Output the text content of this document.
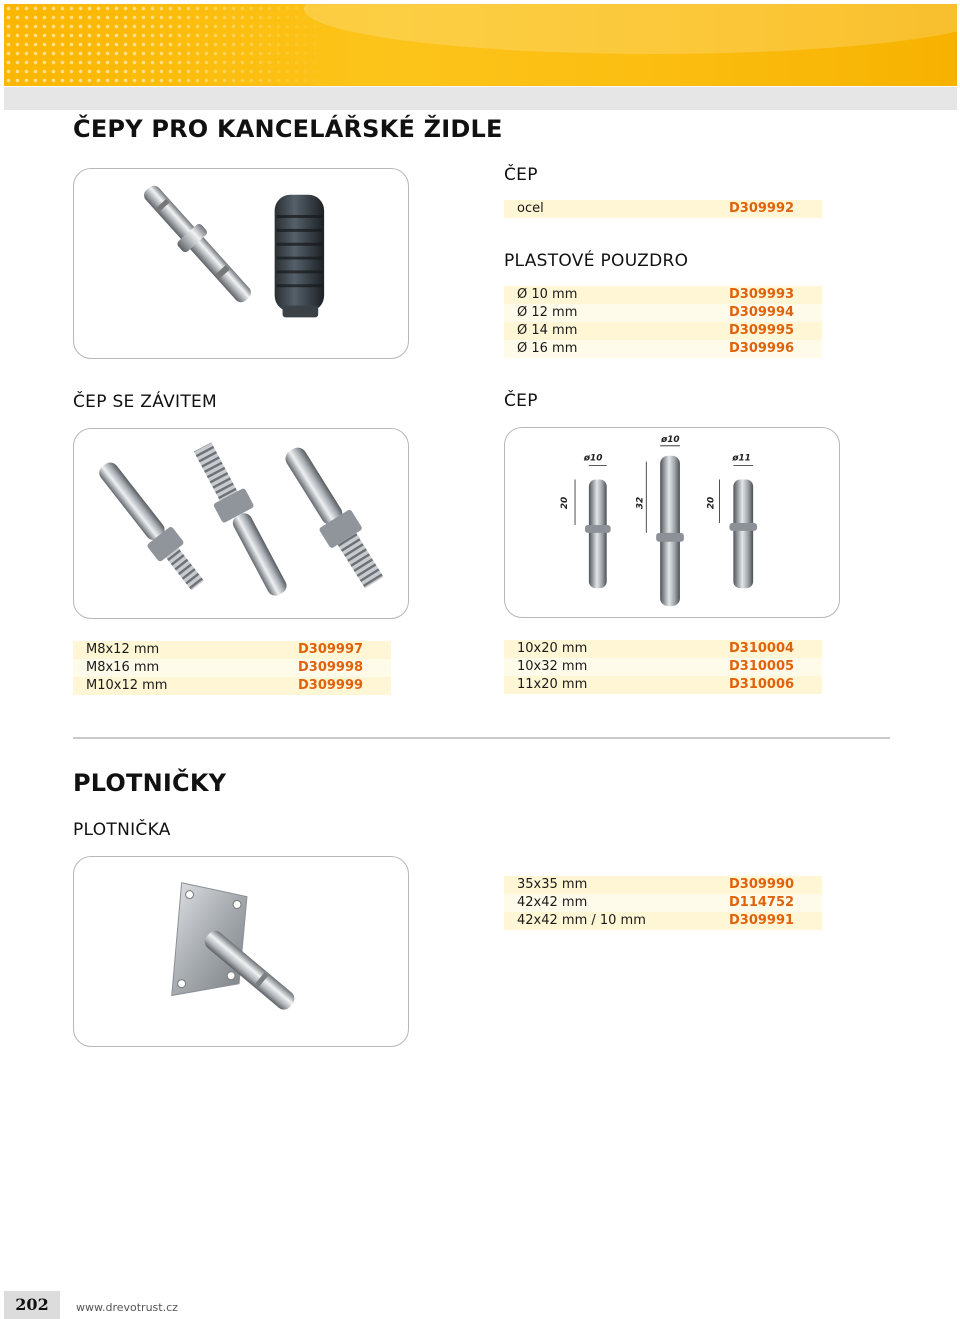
ČEPY PRO KANCELÁŘSKÉ ŽIDLE
ČEP
ocel	D309992
PLASTOVÉ POUZDRO
Ø 10 mm	D309993
Ø 12 mm	D309994
Ø 14 mm	D309995
Ø 16 mm	D309996
ČEP SE ZÁVITEM
M8x12 mm	D309997
M8x16 mm	D309998
M10x12 mm	D309999
ČEP
ø10
20
ø10
32
ø11
20
10x20 mm	D310004
10x32 mm	D310005
11x20 mm	D310006
PLOTNIČKY
PLOTNIČKA
35x35 mm	D309990
42x42 mm	D114752
42x42 mm / 10 mm	D309991
202	www.drevotrust.cz
